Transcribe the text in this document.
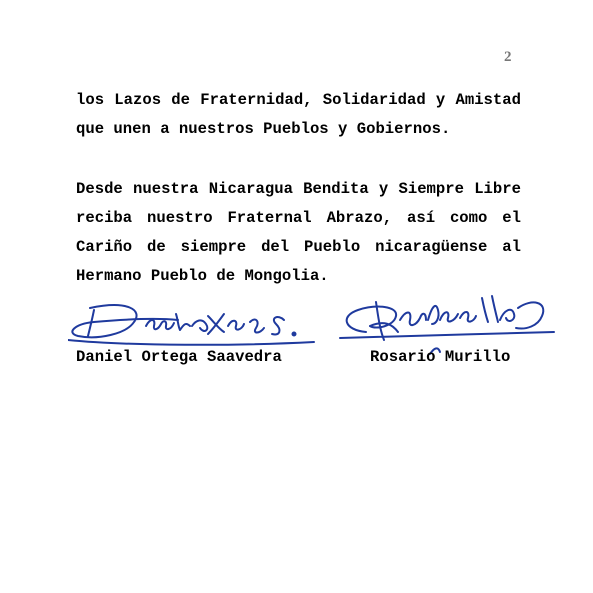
2
los Lazos de Fraternidad, Solidaridad y Amistad
que unen a nuestros Pueblos y Gobiernos.
Desde nuestra Nicaragua Bendita y Siempre Libre
reciba nuestro Fraternal Abrazo, así como el
Cariño de siempre del Pueblo nicaragüense al
Hermano Pueblo de Mongolia.
Daniel Ortega Saavedra	Rosario Murillo
